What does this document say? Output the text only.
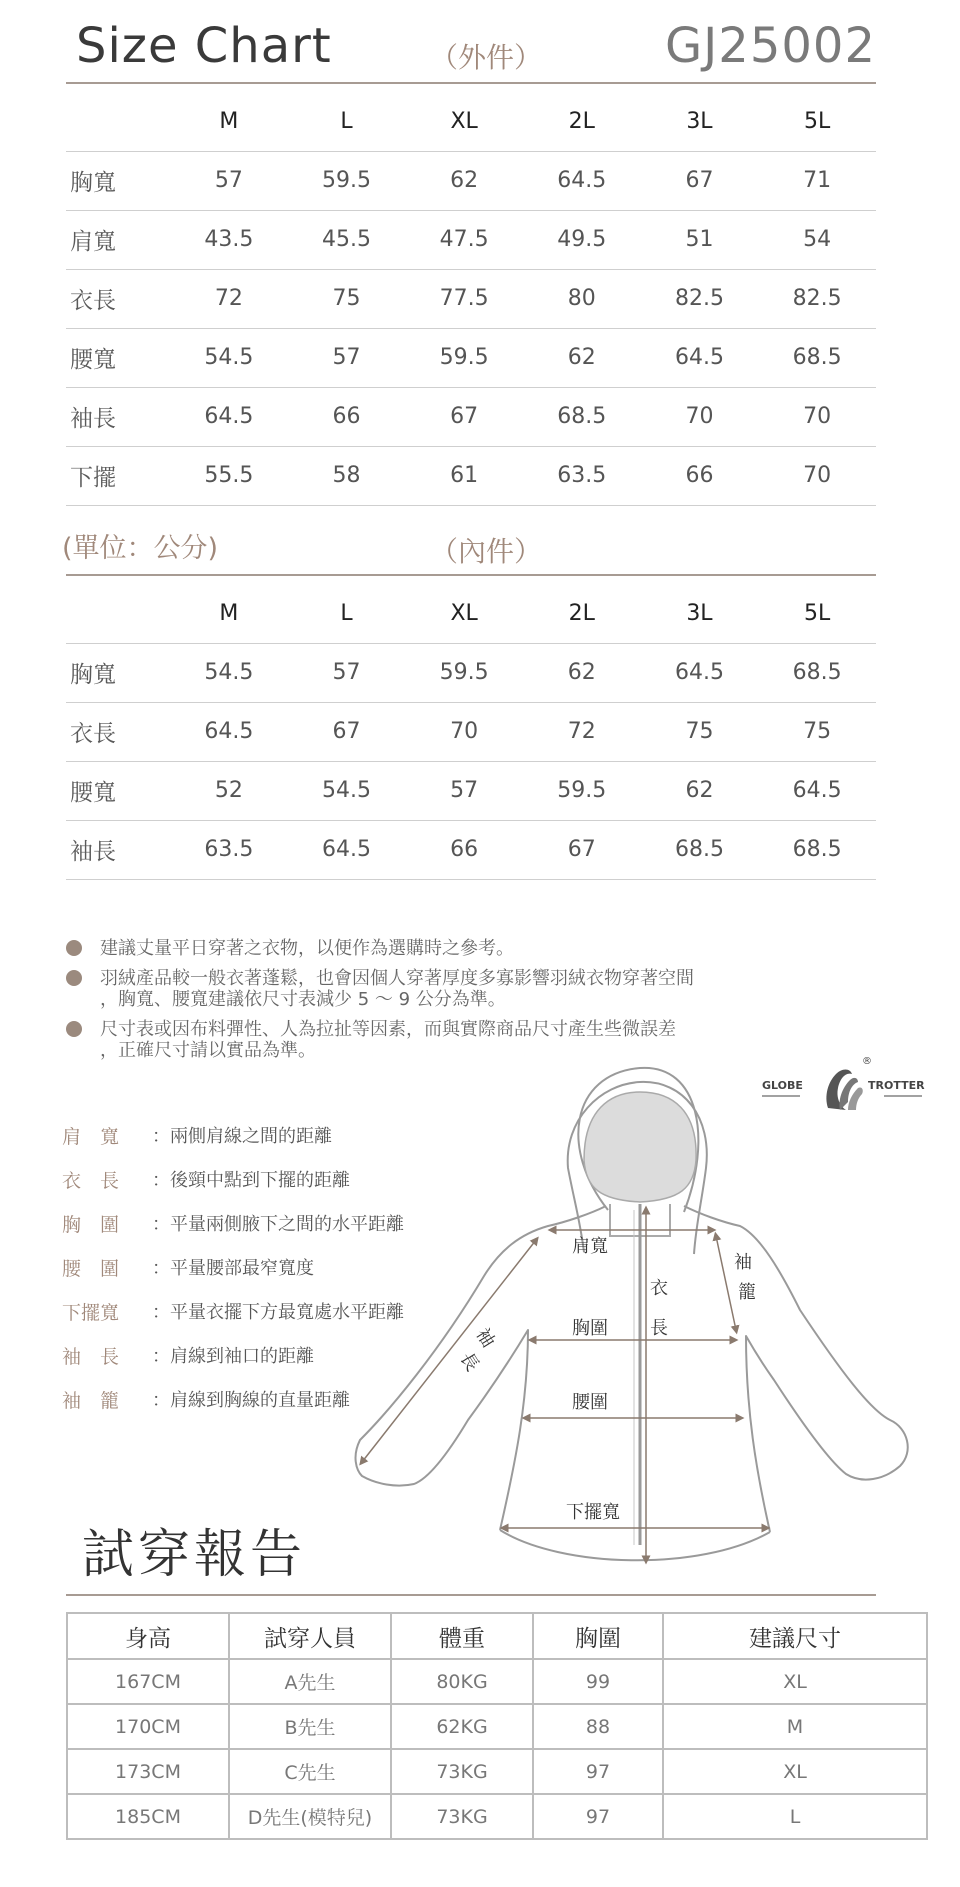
Size Chart	（外件）	GJ25002
	M	L	XL	2L	3L	5L
胸寬	57	59.5	62	64.5	67	71
肩寬	43.5	45.5	47.5	49.5	51	54
衣長	72	75	77.5	80	82.5	82.5
腰寬	54.5	57	59.5	62	64.5	68.5
袖長	64.5	66	67	68.5	70	70
下擺	55.5	58	61	63.5	66	70
(單位：公分)	（內件）
	M	L	XL	2L	3L	5L
胸寬	54.5	57	59.5	62	64.5	68.5
衣長	64.5	67	70	72	75	75
腰寬	52	54.5	57	59.5	62	64.5
袖長	63.5	64.5	66	67	68.5	68.5
建議丈量平日穿著之衣物，以便作為選購時之參考。
羽絨產品較一般衣著蓬鬆，也會因個人穿著厚度多寡影響羽絨衣物穿著空間
，胸寬、腰寬建議依尺寸表減少 5 ～ 9 公分為準。
尺寸表或因布料彈性、人為拉扯等因素，而與實際商品尺寸產生些微誤差
，正確尺寸請以實品為準。
GLOBE	TROTTER
®
肩　寬	：兩側肩線之間的距離
衣　長	：後頸中點到下擺的距離
胸　圍	：平量兩側腋下之間的水平距離
腰　圍	：平量腰部最窄寬度
下擺寬	：平量衣擺下方最寬處水平距離
袖　長	：肩線到袖口的距離
袖　籠	：肩線到胸線的直量距離
肩寬
衣
長
胸圍
腰圍
下擺寬
袖
長
袖
籠
試穿報告
身高	試穿人員	體重	胸圍	建議尺寸
167CM	A先生	80KG	99	XL
170CM	B先生	62KG	88	M
173CM	C先生	73KG	97	XL
185CM	D先生(模特兒)	73KG	97	L
